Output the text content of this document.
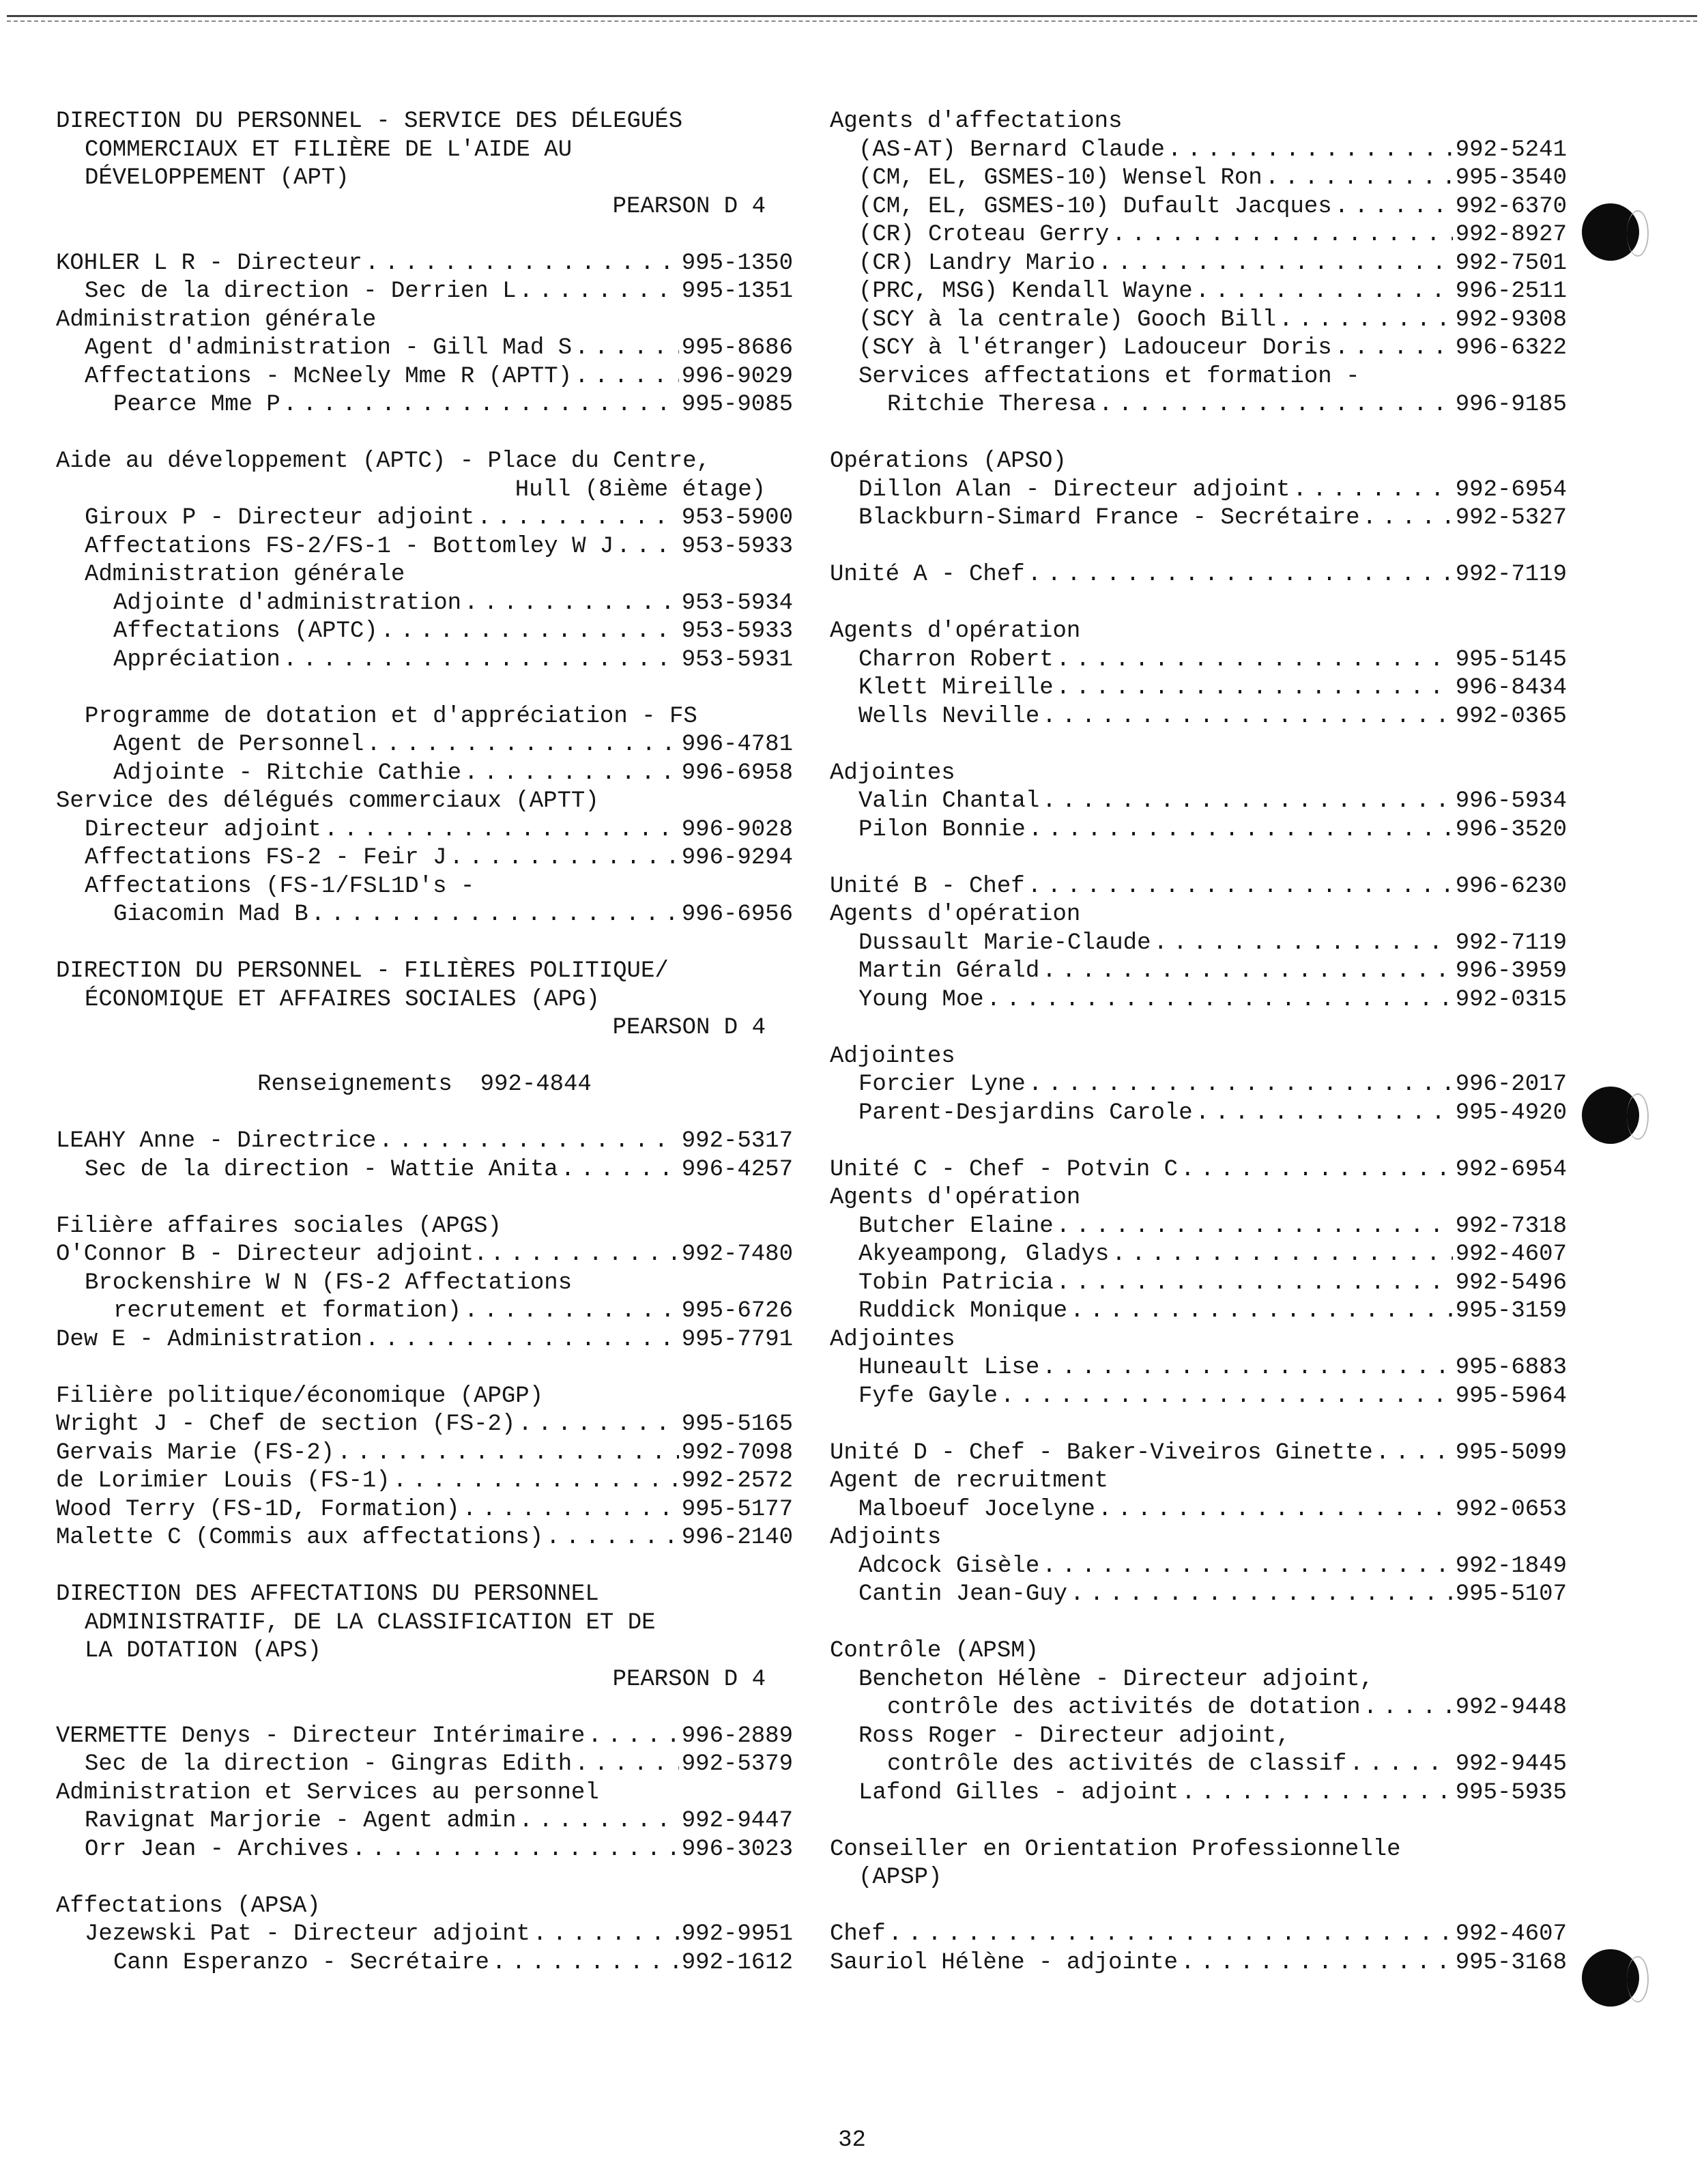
DIRECTION DU PERSONNEL - SERVICE DES DÉLEGUÉS
COMMERCIAUX ET FILIÈRE DE L'AIDE AU
DÉVELOPPEMENT (APT)
PEARSON D 4
KOHLER L R - Directeur . . .	995-1350
Sec de la direction - Derrien L . . .	995-1351
Administration générale
Agent d'administration - Gill Mad S . . .	995-8686
Affectations - McNeely Mme R (APTT) . . .	996-9029
Pearce Mme P . . .	995-9085
Aide au développement (APTC) - Place du Centre,
Hull (8ième étage)
Giroux P - Directeur adjoint . . .	953-5900
Affectations FS-2/FS-1 - Bottomley W J . . .	953-5933
Administration générale
Adjointe d'administration . . .	953-5934
Affectations (APTC) . . .	953-5933
Appréciation . . .	953-5931
Programme de dotation et d'appréciation - FS
Agent de Personnel . . .	996-4781
Adjointe - Ritchie Cathie . . .	996-6958
Service des délégués commerciaux (APTT)
Directeur adjoint . . .	996-9028
Affectations FS-2 - Feir J . . .	996-9294
Affectations (FS-1/FSL1D's -
Giacomin Mad B . . .	996-6956
DIRECTION DU PERSONNEL - FILIÈRES POLITIQUE/
ÉCONOMIQUE ET AFFAIRES SOCIALES (APG)
PEARSON D 4
Renseignements  992-4844
LEAHY Anne - Directrice . . .	992-5317
Sec de la direction - Wattie Anita . . .	996-4257
Filière affaires sociales (APGS)
O'Connor B - Directeur adjoint. . . .	992-7480
Brockenshire W N (FS-2 Affectations
recrutement et formation) . . .	995-6726
Dew E - Administration . . .	995-7791
Filière politique/économique (APGP)
Wright J - Chef de section (FS-2) . . .	995-5165
Gervais Marie (FS-2) . . .	992-7098
de Lorimier Louis (FS-1) . . .	992-2572
Wood Terry (FS-1D, Formation) . . .	995-5177
Malette C (Commis aux affectations) . . .	996-2140
DIRECTION DES AFFECTATIONS DU PERSONNEL
ADMINISTRATIF, DE LA CLASSIFICATION ET DE
LA DOTATION (APS)
PEARSON D 4
VERMETTE Denys - Directeur Intérimaire . . .	996-2889
Sec de la direction - Gingras Edith . . .	992-5379
Administration et Services au personnel
Ravignat Marjorie - Agent admin . . .	992-9447
Orr Jean - Archives . . .	996-3023
Affectations (APSA)
Jezewski Pat - Directeur adjoint . . .	992-9951
Cann Esperanzo - Secrétaire . . .	992-1612
Agents d'affectations
(AS-AT) Bernard Claude . . .	992-5241
(CM, EL, GSMES-10) Wensel Ron . . .	995-3540
(CM, EL, GSMES-10) Dufault Jacques . . .	992-6370
(CR) Croteau Gerry . . .	992-8927
(CR) Landry Mario . . .	992-7501
(PRC, MSG) Kendall Wayne . . .	996-2511
(SCY à la centrale) Gooch Bill . . .	992-9308
(SCY à l'étranger) Ladouceur Doris . . .	996-6322
Services affectations et formation -
Ritchie Theresa . . .	996-9185
Opérations (APSO)
Dillon Alan - Directeur adjoint . . .	992-6954
Blackburn-Simard France - Secrétaire . . .	992-5327
Unité A - Chef . . .	992-7119
Agents d'opération
Charron Robert . . .	995-5145
Klett Mireille . . .	996-8434
Wells Neville . . .	992-0365
Adjointes
Valin Chantal . . .	996-5934
Pilon Bonnie . . .	996-3520
Unité B - Chef . . .	996-6230
Agents d'opération
Dussault Marie-Claude . . .	992-7119
Martin Gérald . . .	996-3959
Young Moe . . .	992-0315
Adjointes
Forcier Lyne . . .	996-2017
Parent-Desjardins Carole . . .	995-4920
Unité C - Chef - Potvin C . . .	992-6954
Agents d'opération
Butcher Elaine . . .	992-7318
Akyeampong, Gladys . . .	992-4607
Tobin Patricia . . .	992-5496
Ruddick Monique . . .	995-3159
Adjointes
Huneault Lise . . .	995-6883
Fyfe Gayle . . .	995-5964
Unité D - Chef - Baker-Viveiros Ginette . . .	995-5099
Agent de recruitment
Malboeuf Jocelyne . . .	992-0653
Adjoints
Adcock Gisèle . . .	992-1849
Cantin Jean-Guy . . .	995-5107
Contrôle (APSM)
Bencheton Hélène - Directeur adjoint,
contrôle des activités de dotation . . .	992-9448
Ross Roger - Directeur adjoint,
contrôle des activités de classif . . .	992-9445
Lafond Gilles - adjoint . . .	995-5935
Conseiller en Orientation Professionnelle
(APSP)
Chef . . .	992-4607
Sauriol Hélène - adjointe . . .	995-3168
32
